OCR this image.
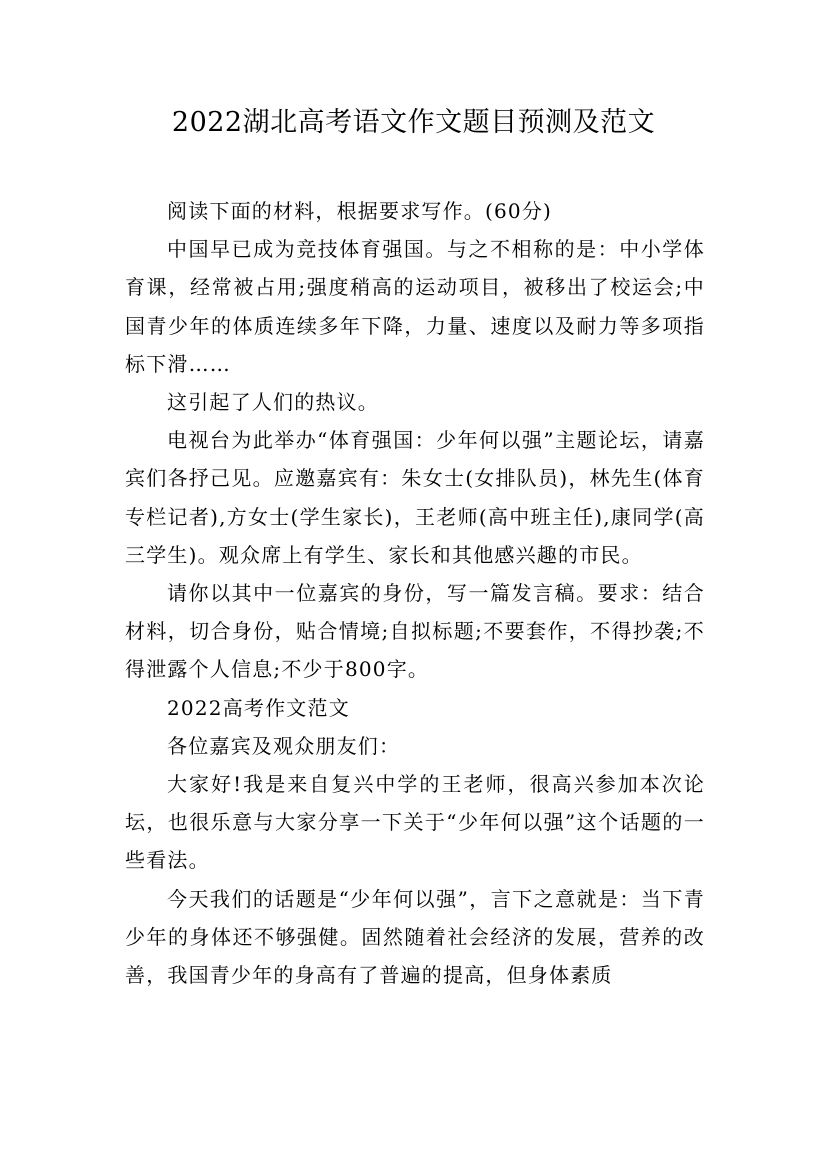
2022湖北高考语文作文题目预测及范文

阅读下面的材料，根据要求写作。(60分)

中国早已成为竞技体育强国。与之不相称的是：中小学体育课，经常被占用;强度稍高的运动项目，被移出了校运会;中国青少年的体质连续多年下降，力量、速度以及耐力等多项指标下滑……

这引起了人们的热议。

电视台为此举办“体育强国：少年何以强”主题论坛，请嘉宾们各抒己见。应邀嘉宾有：朱女士(女排队员)，林先生(体育专栏记者),方女士(学生家长)，王老师(高中班主任),康同学(高三学生)。观众席上有学生、家长和其他感兴趣的市民。

请你以其中一位嘉宾的身份，写一篇发言稿。要求：结合材料，切合身份，贴合情境;自拟标题;不要套作，不得抄袭;不得泄露个人信息;不少于800字。

2022高考作文范文

各位嘉宾及观众朋友们：

大家好!我是来自复兴中学的王老师，很高兴参加本次论坛，也很乐意与大家分享一下关于“少年何以强”这个话题的一些看法。

今天我们的话题是“少年何以强”，言下之意就是：当下青少年的身体还不够强健。固然随着社会经济的发展，营养的改善，我国青少年的身高有了普遍的提高，但身体素质
